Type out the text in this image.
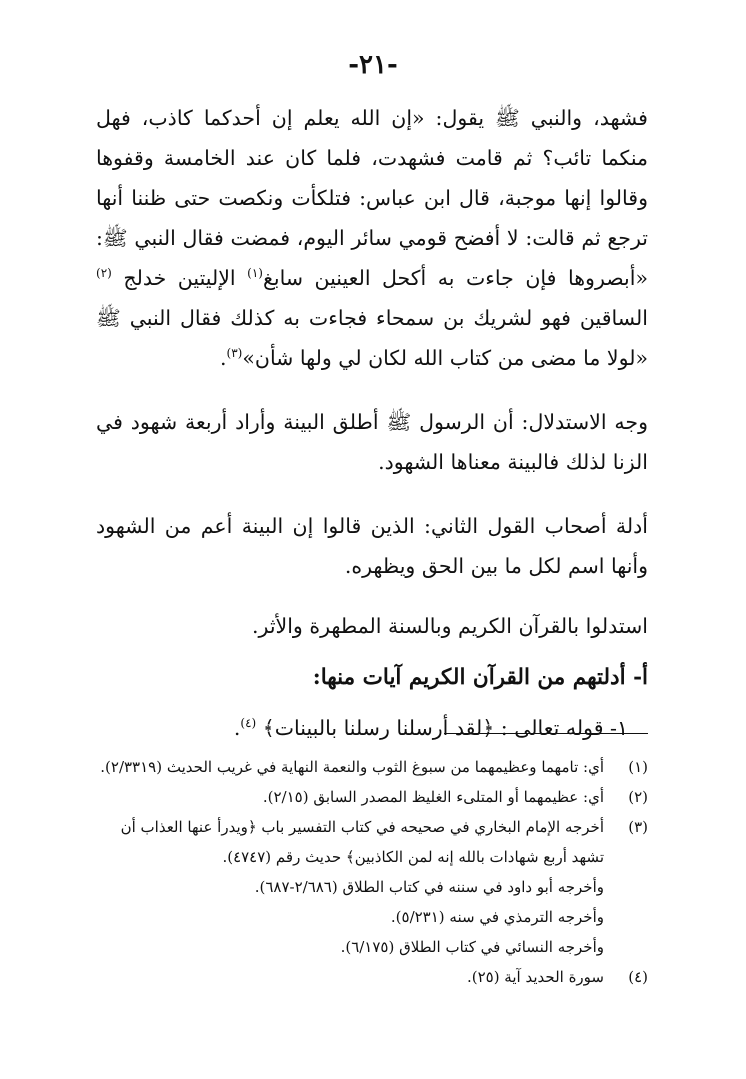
-٢١-

فشهد، والنبي ﷺ يقول: «إن الله يعلم إن أحدكما كاذب، فهل منكما تائب؟ ثم قامت فشهدت، فلما كان عند الخامسة وقفوها وقالوا إنها موجبة، قال ابن عباس: فتلكأت ونكصت حتى ظننا أنها ترجع ثم قالت: لا أفضح قومي سائر اليوم، فمضت فقال النبي ﷺ: «أبصروها فإن جاءت به أكحل العينين سابغ$^{(١)}$ الإليتين خدلج $^{(٢)}$ الساقين فهو لشريك بن سمحاء فجاءت به كذلك فقال النبي ﷺ «لولا ما مضى من كتاب الله لكان لي ولها شأن»$^{(٣)}$.

وجه الاستدلال: أن الرسول ﷺ أطلق البينة وأراد أربعة شهود في الزنا لذلك فالبينة معناها الشهود.

أدلة أصحاب القول الثاني: الذين قالوا إن البينة أعم من الشهود وأنها اسم لكل ما بين الحق ويظهره.

استدلوا بالقرآن الكريم وبالسنة المطهرة والأثر.

أ- أدلتهم من القرآن الكريم آيات منها:

١- قوله تعالى : ﴿لقد أرسلنا رسلنا بالبينات﴾ $^{(٤)}$.

(١)
أي: تامهما وعظيمهما من سبوغ الثوب والنعمة النهاية في غريب الحديث (٢/٣٣١٩).
(٢)
أي: عظيمهما أو المتلىء الغليظ المصدر السابق (٢/١٥).
(٣)
أخرجه الإمام البخاري في صحيحه في كتاب التفسير باب ﴿ويدرأ عنها العذاب أن تشهد أربع شهادات بالله إنه لمن الكاذبين﴾ حديث رقم (٤٧٤٧).
وأخرجه أبو داود في سننه في كتاب الطلاق (٢/٦٨٦-٦٨٧).
وأخرجه الترمذي في سنه (٥/٢٣١).
وأخرجه النسائي في كتاب الطلاق (٦/١٧٥).
(٤)
سورة الحديد آية (٢٥).
